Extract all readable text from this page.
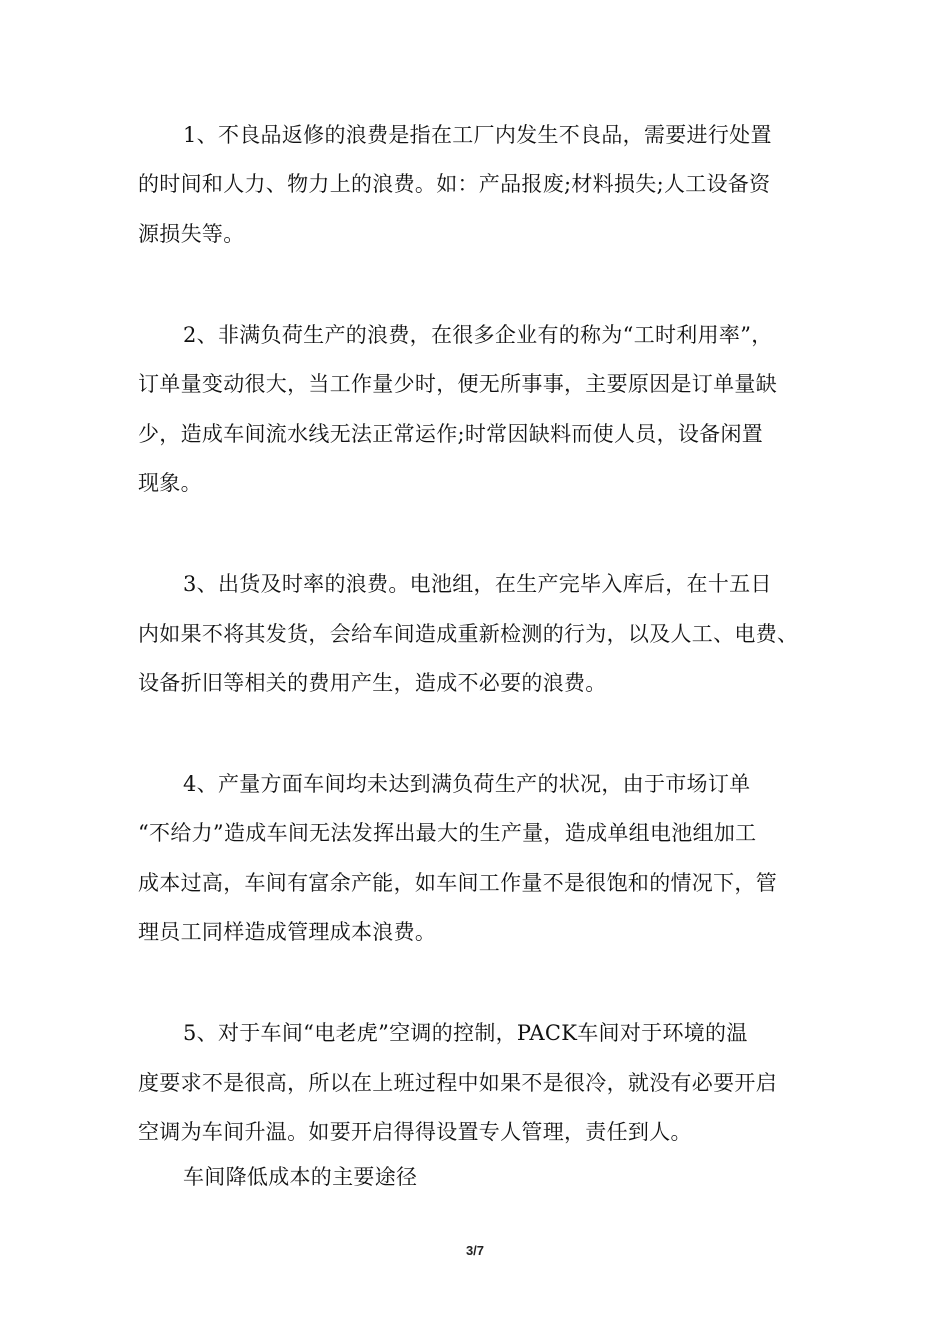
1、不良品返修的浪费是指在工厂内发生不良品，需要进行处置
的时间和人力、物力上的浪费。如：产品报废;材料损失;人工设备资
源损失等。
2、非满负荷生产的浪费，在很多企业有的称为“工时利用率”，
订单量变动很大，当工作量少时，便无所事事，主要原因是订单量缺
少，造成车间流水线无法正常运作;时常因缺料而使人员，设备闲置
现象。
3、出货及时率的浪费。电池组，在生产完毕入库后，在十五日
内如果不将其发货，会给车间造成重新检测的行为，以及人工、电费、
设备折旧等相关的费用产生，造成不必要的浪费。
4、产量方面车间均未达到满负荷生产的状况，由于市场订单
“不给力”造成车间无法发挥出最大的生产量，造成单组电池组加工
成本过高，车间有富余产能，如车间工作量不是很饱和的情况下，管
理员工同样造成管理成本浪费。
5、对于车间“电老虎”空调的控制，PACK车间对于环境的温
度要求不是很高，所以在上班过程中如果不是很冷，就没有必要开启
空调为车间升温。如要开启得得设置专人管理，责任到人。
车间降低成本的主要途径
3/7
